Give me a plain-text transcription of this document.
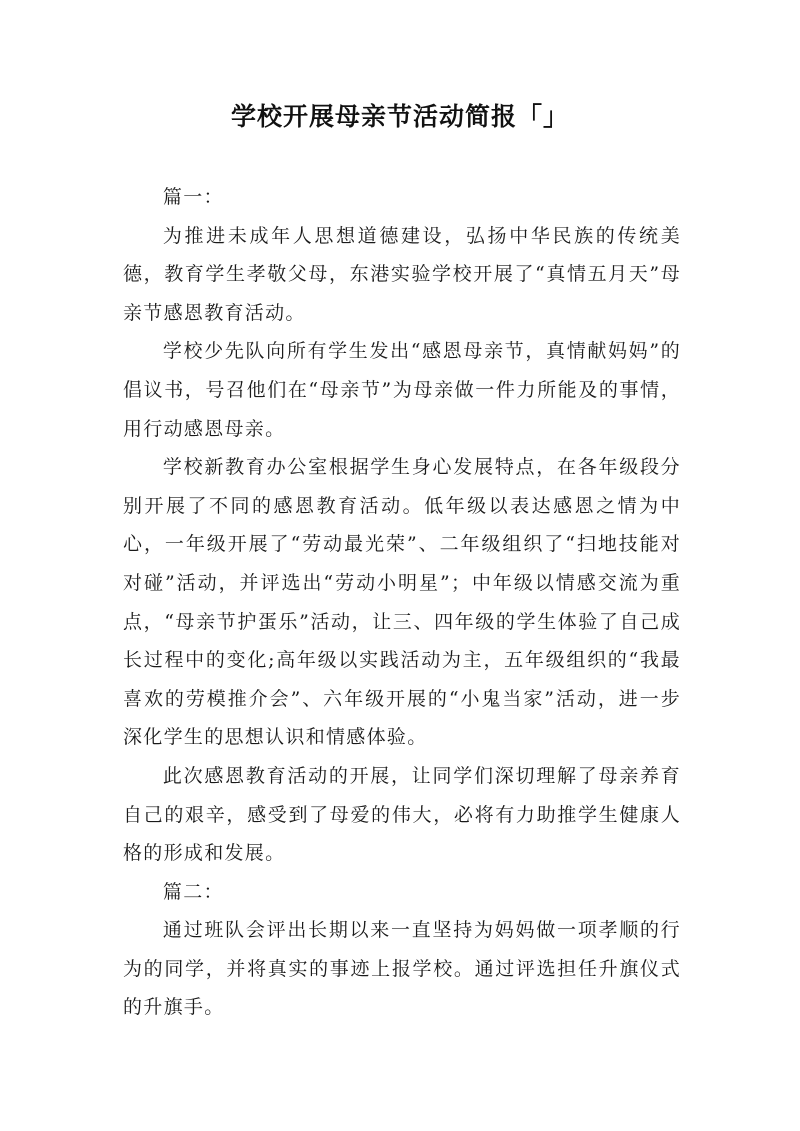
学校开展母亲节活动简报「」

篇一：

为推进未成年人思想道德建设，弘扬中华民族的传统美德，教育学生孝敬父母，东港实验学校开展了“真情五月天”母亲节感恩教育活动。

学校少先队向所有学生发出“感恩母亲节，真情献妈妈”的倡议书，号召他们在“母亲节”为母亲做一件力所能及的事情，用行动感恩母亲。

学校新教育办公室根据学生身心发展特点，在各年级段分别开展了不同的感恩教育活动。低年级以表达感恩之情为中心，一年级开展了“劳动最光荣”、二年级组织了“扫地技能对对碰”活动，并评选出“劳动小明星”；中年级以情感交流为重点，“母亲节护蛋乐”活动，让三、四年级的学生体验了自己成长过程中的变化;高年级以实践活动为主，五年级组织的“我最喜欢的劳模推介会”、六年级开展的“小鬼当家”活动，进一步深化学生的思想认识和情感体验。

此次感恩教育活动的开展，让同学们深切理解了母亲养育自己的艰辛，感受到了母爱的伟大，必将有力助推学生健康人格的形成和发展。

篇二：

通过班队会评出长期以来一直坚持为妈妈做一项孝顺的行为的同学，并将真实的事迹上报学校。通过评选担任升旗仪式的升旗手。
